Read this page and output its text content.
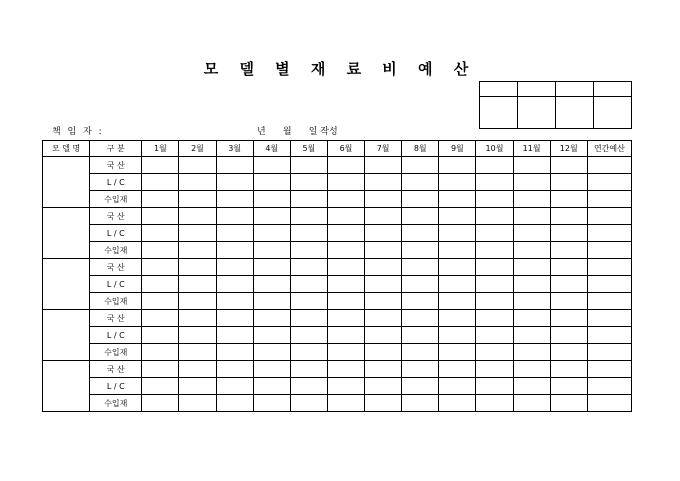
모 델 별 재 료 비 예 산

책 임 자 :	년      월      일 작성
모 델 명	구 분	1월	2월	3월	4월	5월	6월	7월	8월	9월	10월	11월	12월	연간예산
	국 산													
	L / C													
	수입재													
	국 산													
	L / C													
	수입재													
	국 산													
	L / C													
	수입재													
	국 산													
	L / C													
	수입재													
	국 산													
	L / C													
	수입재													
